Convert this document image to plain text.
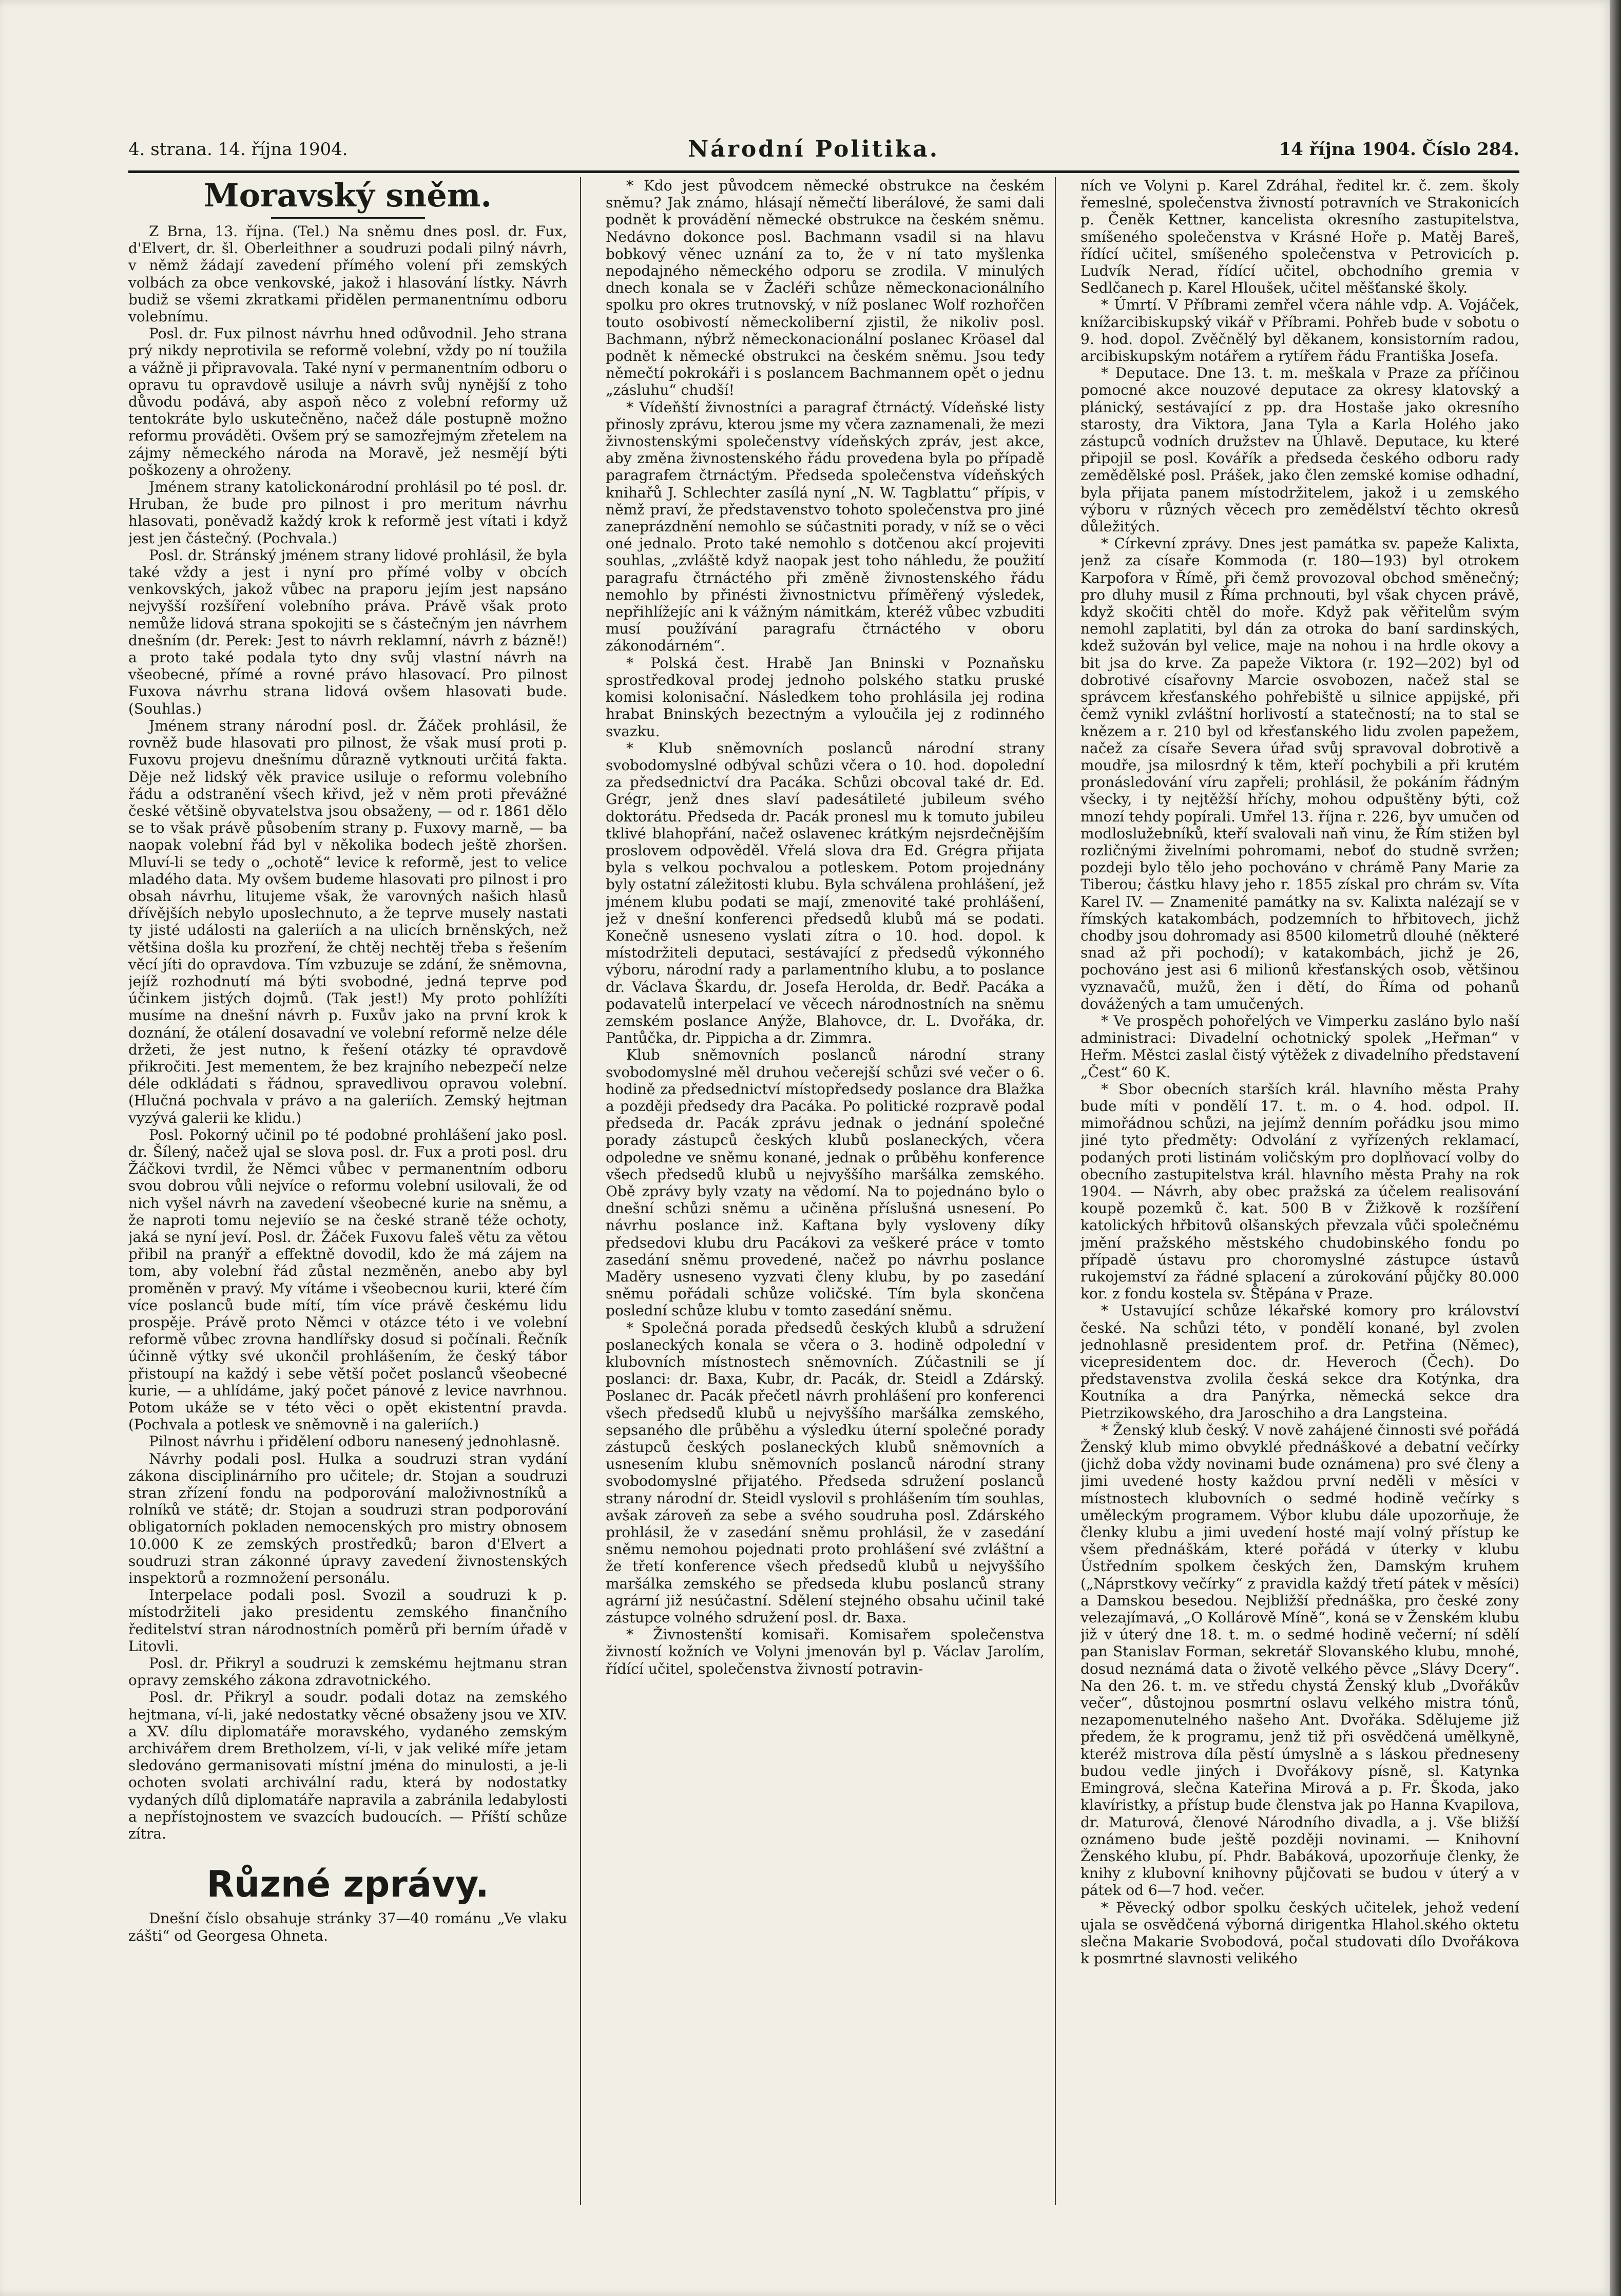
4. strana. 14. října 1904.	Národní Politika.	14 října 1904. Číslo 284.
Moravský sněm.

Z Brna, 13. října. (Tel.) Na sněmu dnes posl. dr. Fux, d'Elvert, dr. šl. Oberleithner a soudruzi podali pilný návrh, v němž žádají zavedení přímého volení při zemských volbách za obce venkovské, jakož i hlasování lístky. Návrh budiž se všemi zkratkami přidělen permanentnímu odboru volebnímu.

Posl. dr. Fux pilnost návrhu hned odůvodnil. Jeho strana prý nikdy neprotivila se reformě volební, vždy po ní toužila a vážně ji připravovala. Také nyní v permanentním odboru o opravu tu opravdově usiluje a návrh svůj nynější z toho důvodu podává, aby aspoň něco z volební reformy už tentokráte bylo uskutečněno, načež dále postupně možno reformu prováděti. Ovšem prý se samozřejmým zřetelem na zájmy německého národa na Moravě, jež nesmějí býti poškozeny a ohroženy.

Jménem strany katolickonárodní prohlásil po té posl. dr. Hruban, že bude pro pilnost i pro meritum návrhu hlasovati, poněvadž každý krok k reformě jest vítati i když jest jen částečný. (Pochvala.)

Posl. dr. Stránský jménem strany lidové prohlásil, že byla také vždy a jest i nyní pro přímé volby v obcích venkovských, jakož vůbec na praporu jejím jest napsáno nejvyšší rozšíření volebního práva. Právě však proto nemůže lidová strana spokojiti se s částečným jen návrhem dnešním (dr. Perek: Jest to návrh reklamní, návrh z bázně!) a proto také podala tyto dny svůj vlastní návrh na všeobecné, přímé a rovné právo hlasovací. Pro pilnost Fuxova návrhu strana lidová ovšem hlasovati bude. (Souhlas.)

Jménem strany národní posl. dr. Žáček prohlásil, že rovněž bude hlasovati pro pilnost, že však musí proti p. Fuxovu projevu dnešnímu důrazně vytknouti určitá fakta. Děje než lidský věk pravice usiluje o reformu volebního řádu a odstranění všech křivd, jež v něm proti převážné české většině obyvatelstva jsou obsaženy, — od r. 1861 dělo se to však právě působením strany p. Fuxovy marně, — ba naopak volební řád byl v několika bodech ještě zhoršen. Mluví-li se tedy o „ochotě“ levice k reformě, jest to velice mladého data. My ovšem budeme hlasovati pro pilnost i pro obsah návrhu, litujeme však, že varovných našich hlasů dřívějších nebylo uposlechnuto, a že teprve musely nastati ty jisté události na galeriích a na ulicích brněnských, než většina došla ku prozření, že chtěj nechtěj třeba s řešením věcí jíti do opravdova. Tím vzbuzuje se zdání, že sněmovna, jejíž rozhodnutí má býti svobodné, jedná teprve pod účinkem jistých dojmů. (Tak jest!) My proto pohlížíti musíme na dnešní návrh p. Fuxův jako na první krok k doznání, že otálení dosavadní ve volební reformě nelze déle držeti, že jest nutno, k řešení otázky té opravdově přikročiti. Jest mementem, že bez krajního nebezpečí nelze déle odkládati s řádnou, spravedlivou opravou volební. (Hlučná pochvala v právo a na galeriích. Zemský hejtman vyzývá galerii ke klidu.)

Posl. Pokorný učinil po té podobné prohlášení jako posl. dr. Šílený, načež ujal se slova posl. dr. Fux a proti posl. dru Žáčkovi tvrdil, že Němci vůbec v permanentním odboru svou dobrou vůli nejvíce o reformu volební usilovali, že od nich vyšel návrh na zavedení všeobecné kurie na sněmu, a že naproti tomu nejeviío se na české straně téže ochoty, jaká se nyní jeví. Posl. dr. Žáček Fuxovu faleš větu za větou přibil na pranýř a effektně dovodil, kdo že má zájem na tom, aby volební řád zůstal nezměněn, anebo aby byl proměněn v pravý. My vítáme i všeobecnou kurii, které čím více poslanců bude mítí, tím více právě českému lidu prospěje. Právě proto Němci v otázce této i ve volební reformě vůbec zrovna handlířsky dosud si počínali. Řečník účinně výtky své ukončil prohlášením, že český tábor přistoupí na každý i sebe větší počet poslanců všeobecné kurie, — a uhlídáme, jaký počet pánové z levice navrhnou. Potom ukáže se v této věci o opět ekistentní pravda. (Pochvala a potlesk ve sněmovně i na galeriích.)

Pilnost návrhu i přidělení odboru nanesený jednohlasně.

Návrhy podali posl. Hulka a soudruzi stran vydání zákona disciplinárního pro učitele; dr. Stojan a soudruzi stran zřízení fondu na podporování maloživnostníků a rolníků ve státě; dr. Stojan a soudruzi stran podporování obligatorních pokladen nemocenských pro mistry obnosem 10.000 K ze zemských prostředků; baron d'Elvert a soudruzi stran zákonné úpravy zavedení živnostenských inspektorů a rozmnožení personálu.

Interpelace podali posl. Svozil a soudruzi k p. místodržiteli jako presidentu zemského finančního ředitelství stran národnostních poměrů při berním úřadě v Litovli.

Posl. dr. Přikryl a soudruzi k zemskému hejtmanu stran opravy zemského zákona zdravotnického.

Posl. dr. Přikryl a soudr. podali dotaz na zemského hejtmana, ví-li, jaké nedostatky věcné obsaženy jsou ve XIV. a XV. dílu diplomatáře moravského, vydaného zemským archivářem drem Bretholzem, ví-li, v jak veliké míře jetam sledováno germanisovati místní jména do minulosti, a je-li ochoten svolati archivální radu, která by nodostatky vydaných dílů diplomatáře napravila a zabránila ledabylosti a nepřístojnostem ve svazcích budoucích. — Příští schůze zítra.

Různé zprávy.

Dnešní číslo obsahuje stránky 37—40 románu „Ve vlaku zášti“ od Georgesa Ohneta.

* Kdo jest původcem německé obstrukce na českém sněmu? Jak známo, hlásají němečtí liberálové, že sami dali podnět k provádění německé obstrukce na českém sněmu. Nedávno dokonce posl. Bachmann vsadil si na hlavu bobkový věnec uznání za to, že v ní tato myšlenka nepodajného německého odporu se zrodila. V minulých dnech konala se v Žacléři schůze německonacionálního spolku pro okres trutnovský, v níž poslanec Wolf rozhořčen touto osobivostí německoliberní zjistil, že nikoliv posl. Bachmann, nýbrž německonacionální poslanec Kröasel dal podnět k německé obstrukci na českém sněmu. Jsou tedy němečtí pokrokáři i s poslancem Bachmannem opět o jednu „zásluhu“ chudší!

* Vídeňští živnostníci a paragraf čtrnáctý. Vídeňské listy přinosly zprávu, kterou jsme my včera zaznamenali, že mezi živnostenskými společenstvy vídeňských zpráv, jest akce, aby změna živnostenského řádu provedena byla po případě paragrafem čtrnáctým. Předseda společenstva vídeňských knihařů J. Schlechter zasílá nyní „N. W. Tagblattu“ přípis, v němž praví, že představenstvo tohoto společenstva pro jiné zaneprázdnění nemohlo se súčastniti porady, v níž se o věci oné jednalo. Proto také nemohlo s dotčenou akcí projeviti souhlas, „zvláště když naopak jest toho náhledu, že použití paragrafu čtrnáctého při změně živnostenského řádu nemohlo by přinésti živnostnictvu příměřený výsledek, nepřihlížejíc ani k vážným námitkám, kteréž vůbec vzbuditi musí používání paragrafu čtrnáctého v oboru zákonodárném“.

* Polská čest. Hrabě Jan Bninski v Poznaňsku sprostředkoval prodej jednoho polského statku pruské komisi kolonisační. Následkem toho prohlásila jej rodina hrabat Bninských bezectným a vyloučila jej z rodinného svazku.

* Klub sněmovních poslanců národní strany svobodomyslné odbýval schůzi včera o 10. hod. dopolední za předsednictví dra Pacáka. Schůzi obcoval také dr. Ed. Grégr, jenž dnes slaví padesátileté jubileum svého doktorátu. Předseda dr. Pacák pronesl mu k tomuto jubileu tklivé blahopřání, načež oslavenec krátkým nejsrdečnějším proslovem odpověděl. Vřelá slova dra Ed. Grégra přijata byla s velkou pochvalou a potleskem. Potom projednány byly ostatní záležitosti klubu. Byla schválena prohlášení, jež jménem klubu podati se mají, zmenovité také prohlášení, jež v dnešní konferenci předsedů klubů má se podati. Konečně usneseno vyslati zítra o 10. hod. dopol. k místodržiteli deputaci, sestávající z předsedů výkonného výboru, národní rady a parlamentního klubu, a to poslance dr. Václava Škardu, dr. Josefa Herolda, dr. Bedř. Pacáka a podavatelů interpelací ve věcech národnostních na sněmu zemském poslance Anýže, Blahovce, dr. L. Dvořáka, dr. Pantůčka, dr. Pippicha a dr. Zimmra.

Klub sněmovních poslanců národní strany svobodomyslné měl druhou večerejší schůzi své večer o 6. hodině za předsednictví místopředsedy poslance dra Blažka a později předsedy dra Pacáka. Po politické rozpravě podal předseda dr. Pacák zprávu jednak o jednání společné porady zástupců českých klubů poslaneckých, včera odpoledne ve sněmu konané, jednak o průběhu konference všech předsedů klubů u nejvyššího maršálka zemského. Obě zprávy byly vzaty na vědomí. Na to pojednáno bylo o dnešní schůzi sněmu a učiněna příslušná usnesení. Po návrhu poslance inž. Kaftana byly vysloveny díky předsedovi klubu dru Pacákovi za veškeré práce v tomto zasedání sněmu provedené, načež po návrhu poslance Maděry usneseno vyzvati členy klubu, by po zasedání sněmu pořádali schůze voličské. Tím byla skončena poslední schůze klubu v tomto zasedání sněmu.

* Společná porada předsedů českých klubů a sdružení poslaneckých konala se včera o 3. hodině odpolední v klubovních místnostech sněmovních. Zúčastnili se jí poslanci: dr. Baxa, Kubr, dr. Pacák, dr. Steidl a Zdárský. Poslanec dr. Pacák přečetl návrh prohlášení pro konferenci všech předsedů klubů u nejvyššího maršálka zemského, sepsaného dle průběhu a výsledku úterní společné porady zástupců českých poslaneckých klubů sněmovních a usnesením klubu sněmovních poslanců národní strany svobodomyslné přijatého. Předseda sdružení poslanců strany národní dr. Steidl vyslovil s prohlášením tím souhlas, avšak zároveň za sebe a svého soudruha posl. Zdárského prohlásil, že v zasedání sněmu prohlásil, že v zasedání sněmu nemohou pojednati proto prohlášení své zvláštní a že třetí konference všech předsedů klubů u nejvyššího maršálka zemského se předseda klubu poslanců strany agrární již nesúčastní. Sdělení stejného obsahu učinil také zástupce volného sdružení posl. dr. Baxa.

* Živnostenští komisaři. Komisařem společenstva živností kožních ve Volyni jmenován byl p. Václav Jarolím, řídící učitel, společenstva živností potravin-

ních ve Volyni p. Karel Zdráhal, ředitel kr. č. zem. školy řemeslné, společenstva živností potravních ve Strakonicích p. Čeněk Kettner, kancelista okresního zastupitelstva, smíšeného společenstva v Krásné Hoře p. Matěj Bareš, řídící učitel, smíšeného společenstva v Petrovicích p. Ludvík Nerad, řídící učitel, obchodního gremia v Sedlčanech p. Karel Hloušek, učitel měšťanské školy.

* Úmrtí. V Příbrami zemřel včera náhle vdp. A. Vojáček, knížarcibiskupský vikář v Příbrami. Pohřeb bude v sobotu o 9. hod. dopol. Zvěčnělý byl děkanem, konsistorním radou, arcibiskupským notářem a rytířem řádu Františka Josefa.

* Deputace. Dne 13. t. m. meškala v Praze za příčinou pomocné akce nouzové deputace za okresy klatovský a plánický, sestávající z pp. dra Hostaše jako okresního starosty, dra Viktora, Jana Tyla a Karla Holého jako zástupců vodních družstev na Úhlavě. Deputace, ku které připojil se posl. Kovářík a předseda českého odboru rady zemědělské posl. Prášek, jako člen zemské komise odhadní, byla přijata panem místodržitelem, jakož i u zemského výboru v různých věcech pro zemědělství těchto okresů důležitých.

* Církevní zprávy. Dnes jest památka sv. papeže Kalixta, jenž za císaře Kommoda (r. 180—193) byl otrokem Karpofora v Římě, při čemž provozoval obchod směnečný; pro dluhy musil z Říma prchnouti, byl však chycen právě, když skočiti chtěl do moře. Když pak věřitelům svým nemohl zaplatiti, byl dán za otroka do baní sardinských, kdež sužován byl velice, maje na nohou i na hrdle okovy a bit jsa do krve. Za papeže Viktora (r. 192—202) byl od dobrotivé císařovny Marcie osvobozen, načež stal se správcem křesťanského pohřebiště u silnice appijské, při čemž vynikl zvláštní horlivostí a statečností; na to stal se knězem a r. 210 byl od křesťanského lidu zvolen papežem, načež za císaře Severa úřad svůj spravoval dobrotivě a moudře, jsa milosrdný k těm, kteří pochybili a při krutém pronásledování víru zapřeli; prohlásil, že pokáním řádným všecky, i ty nejtěžší hříchy, mohou odpuštěny býti, což mnozí tehdy popírali. Umřel 13. října r. 226, byv umučen od modloslužebníků, kteří svalovali naň vinu, že Řím stižen byl rozličnými živelními pohromami, neboť do studně svržen; pozdeji bylo tělo jeho pochováno v chrámě Pany Marie za Tiberou; částku hlavy jeho r. 1855 získal pro chrám sv. Víta Karel IV. — Znamenité památky na sv. Kalixta nalézají se v římských katakombách, podzemních to hřbitovech, jichž chodby jsou dohromady asi 8500 kilometrů dlouhé (některé snad až při pochodí); v katakombách, jichž je 26, pochováno jest asi 6 milionů křesťanských osob, většinou vyznavačů, mužů, žen i dětí, do Říma od pohanů dovážených a tam umučených.

* Ve prospěch pohořelých ve Vimperku zasláno bylo naší administraci: Divadelní ochotnický spolek „Heřman“ v Heřm. Městci zaslal čistý výtěžek z divadelního představení „Čest“ 60 K.

* Sbor obecních starších král. hlavního města Prahy bude míti v pondělí 17. t. m. o 4. hod. odpol. II. mimořádnou schůzi, na jejímž denním pořádku jsou mimo jiné tyto předměty: Odvolání z vyřízených reklamací, podaných proti listinám voličským pro doplňovací volby do obecního zastupitelstva král. hlavního města Prahy na rok 1904. — Návrh, aby obec pražská za účelem realisování koupě pozemků č. kat. 500 B v Žižkově k rozšíření katolických hřbitovů olšanských převzala vůči společnému jmění pražského městského chudobinského fondu po případě ústavu pro choromyslné zástupce ústavů rukojemství za řádné splacení a zúrokování půjčky 80.000 kor. z fondu kostela sv. Štěpána v Praze.

* Ustavující schůze lékařské komory pro království české. Na schůzi této, v pondělí konané, byl zvolen jednohlasně presidentem prof. dr. Petřina (Němec), vicepresidentem doc. dr. Heveroch (Čech). Do představenstva zvolila česká sekce dra Kotýnka, dra Koutníka a dra Panýrka, německá sekce dra Pietrzikowského, dra Jaroschiho a dra Langsteina.

* Ženský klub český. V nově zahájené činnosti své pořádá Ženský klub mimo obvyklé přednáškové a debatní večírky (jichž doba vždy novinami bude oznámena) pro své členy a jimi uvedené hosty každou první neděli v měsíci v místnostech klubovních o sedmé hodině večírky s uměleckým programem. Výbor klubu dále upozorňuje, že členky klubu a jimi uvedení hosté mají volný přístup ke všem přednáškám, které pořádá v úterky v klubu Ústředním spolkem českých žen, Damským kruhem („Náprstkovy večírky“ z pravidla každý třetí pátek v měsíci) a Damskou besedou. Nejbližší přednáška, pro české zony velezajímavá, „O Kollárově Míně“, koná se v Ženském klubu již v úterý dne 18. t. m. o sedmé hodině večerní; ní sdělí pan Stanislav Forman, sekretář Slovanského klubu, mnohé, dosud neznámá data o životě velkého pěvce „Slávy Dcery“. Na den 26. t. m. ve středu chystá Ženský klub „Dvořákův večer“, důstojnou posmrtní oslavu velkého mistra tónů, nezapomenutelného našeho Ant. Dvořáka. Sdělujeme již předem, že k programu, jenž tiž při osvědčená umělkyně, kteréž mistrova díla pěstí úmyslně a s láskou předneseny budou vedle jiných i Dvořákovy písně, sl. Katynka Emingrová, slečna Kateřina Mirová a p. Fr. Škoda, jako klavíristky, a přístup bude členstva jak po Hanna Kvapilova, dr. Maturová, členové Národního divadla, a j. Vše bližší oznámeno bude ještě později novinami. — Knihovní Ženského klubu, pí. Phdr. Babáková, upozorňuje členky, že knihy z klubovní knihovny půjčovati se budou v úterý a v pátek od 6—7 hod. večer.

* Pěvecký odbor spolku českých učitelek, jehož vedení ujala se osvědčená výborná dirigentka Hlahol.ského oktetu slečna Makarie Svobodová, počal studovati dílo Dvořákova k posmrtné slavnosti velikého
